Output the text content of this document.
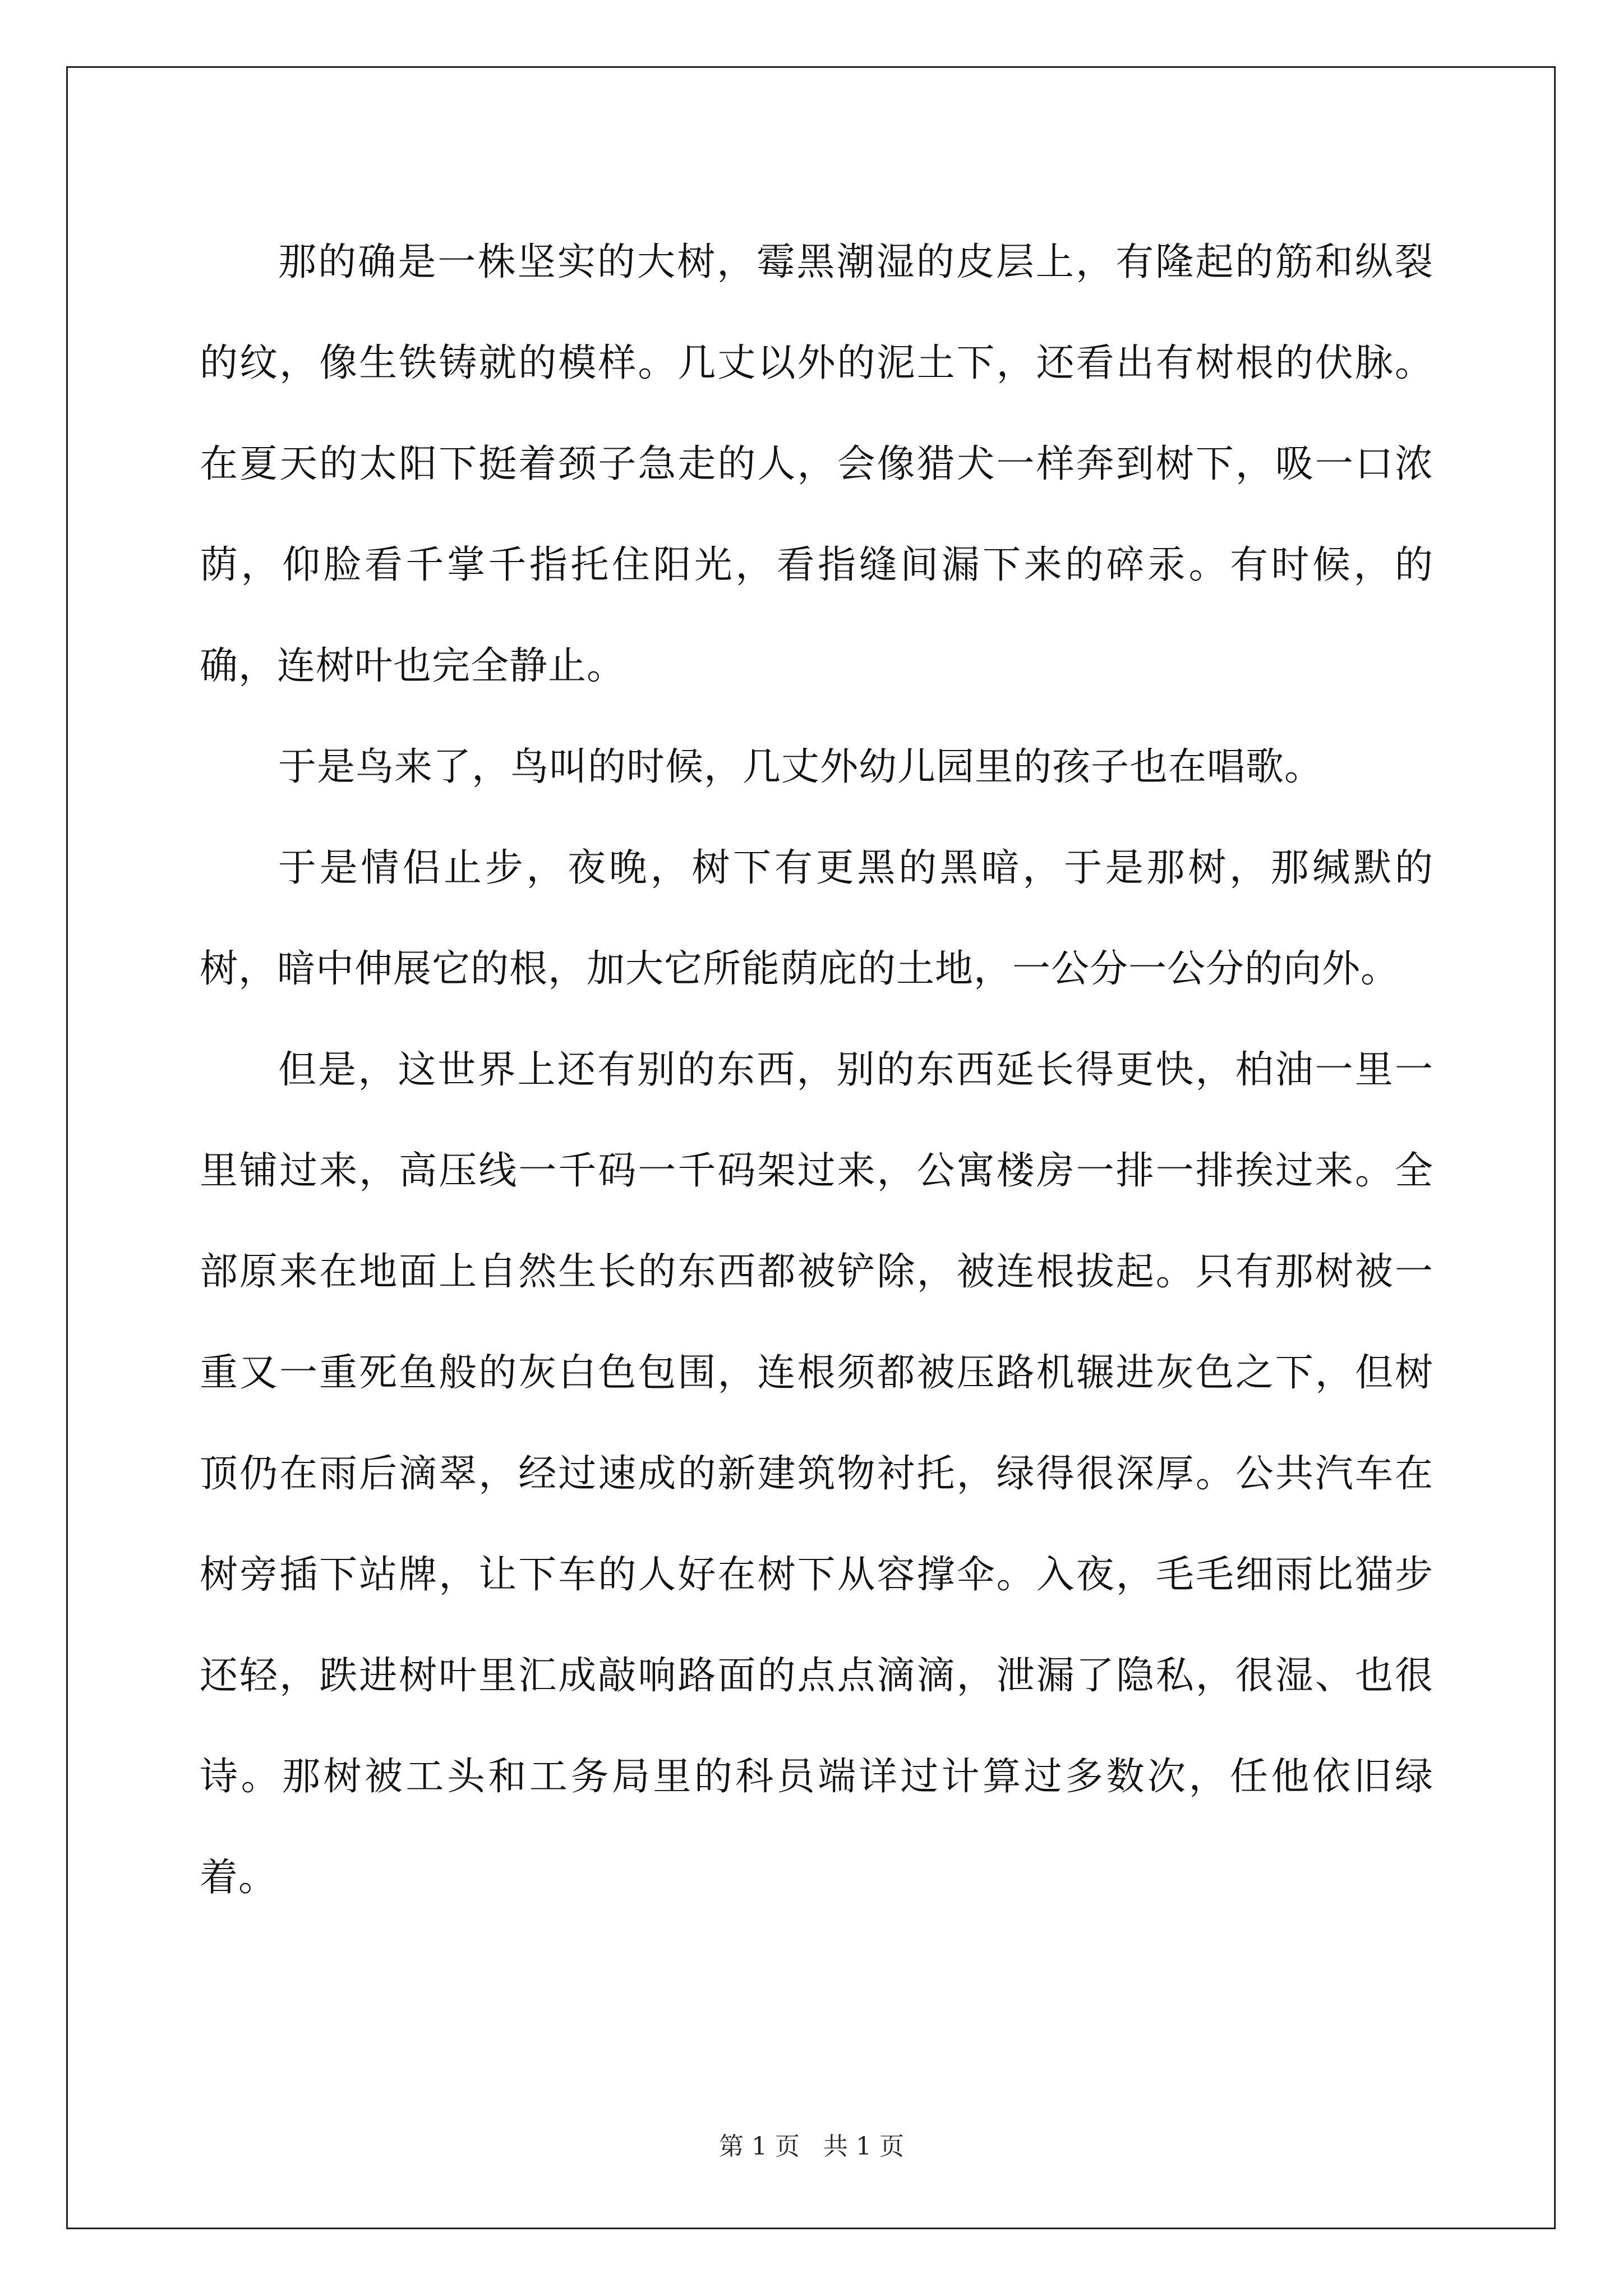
那的确是一株坚实的大树，霉黑潮湿的皮层上，有隆起的筋和纵裂的纹，像生铁铸就的模样。几丈以外的泥土下，还看出有树根的伏脉。在夏天的太阳下挺着颈子急走的人，会像猎犬一样奔到树下，吸一口浓荫，仰脸看千掌千指托住阳光，看指缝间漏下来的碎汞。有时候，的确，连树叶也完全静止。

于是鸟来了，鸟叫的时候，几丈外幼儿园里的孩子也在唱歌。

于是情侣止步，夜晚，树下有更黑的黑暗，于是那树，那缄默的树，暗中伸展它的根，加大它所能荫庇的土地，一公分一公分的向外。

但是，这世界上还有别的东西，别的东西延长得更快，柏油一里一里铺过来，高压线一千码一千码架过来，公寓楼房一排一排挨过来。全部原来在地面上自然生长的东西都被铲除，被连根拔起。只有那树被一重又一重死鱼般的灰白色包围，连根须都被压路机辗进灰色之下，但树顶仍在雨后滴翠，经过速成的新建筑物衬托，绿得很深厚。公共汽车在树旁插下站牌，让下车的人好在树下从容撑伞。入夜，毛毛细雨比猫步还轻，跌进树叶里汇成敲响路面的点点滴滴，泄漏了隐私，很湿、也很诗。那树被工头和工务局里的科员端详过计算过多数次，任他依旧绿着。

第 1 页 共 1 页
